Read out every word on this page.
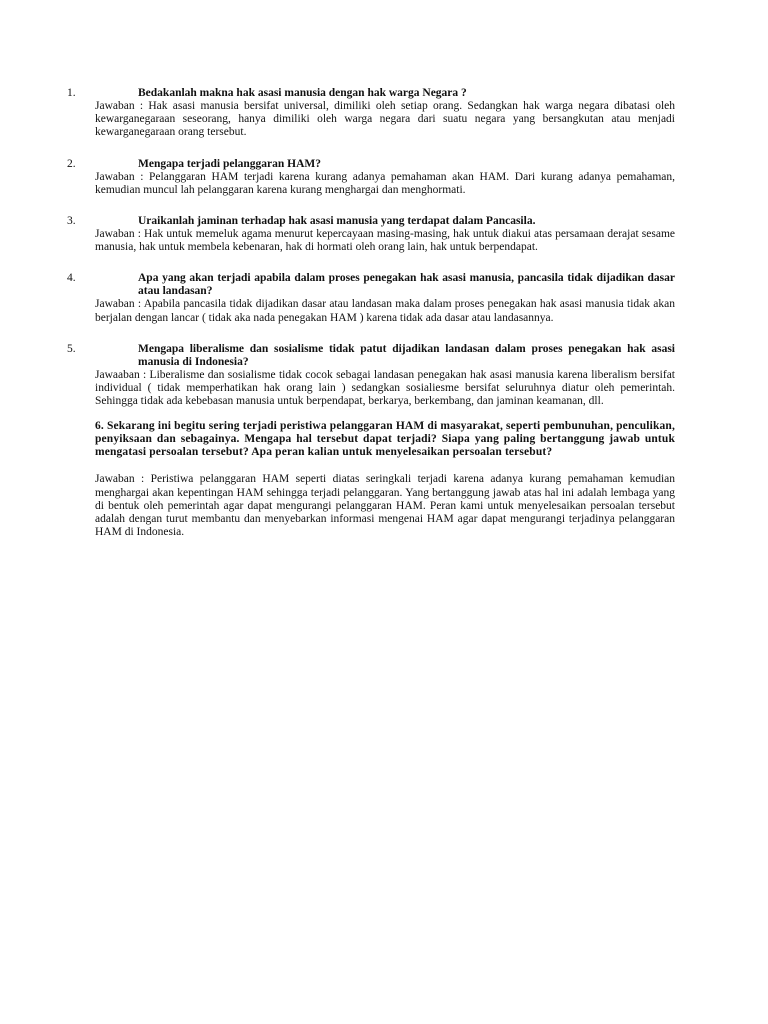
1.	Bedakanlah makna hak asasi manusia dengan hak warga Negara ?
Jawaban : Hak asasi manusia bersifat universal, dimiliki oleh setiap orang. Sedangkan hak warga negara dibatasi oleh kewarganegaraan seseorang, hanya dimiliki oleh warga negara dari suatu negara yang bersangkutan atau menjadi kewarganegaraan orang tersebut.
2.	Mengapa terjadi pelanggaran HAM?
Jawaban : Pelanggaran HAM terjadi karena kurang adanya pemahaman akan HAM. Dari kurang adanya pemahaman, kemudian muncul lah pelanggaran karena kurang menghargai dan menghormati.
3.	Uraikanlah jaminan terhadap hak asasi manusia yang terdapat dalam Pancasila.
Jawaban : Hak untuk memeluk agama menurut kepercayaan masing-masing, hak untuk diakui atas persamaan derajat sesame manusia, hak untuk membela kebenaran, hak di hormati oleh orang lain, hak untuk berpendapat.
4.	Apa yang akan terjadi apabila dalam proses penegakan hak asasi manusia, pancasila tidak dijadikan dasar atau landasan?
Jawaban : Apabila pancasila tidak dijadikan dasar atau landasan maka dalam proses penegakan hak asasi manusia tidak akan berjalan dengan lancar ( tidak aka nada penegakan HAM ) karena tidak ada dasar atau landasannya.
5.	Mengapa liberalisme dan sosialisme tidak patut dijadikan landasan dalam proses penegakan hak asasi manusia di Indonesia?
Jawaaban : Liberalisme dan sosialisme tidak cocok sebagai landasan penegakan hak asasi manusia karena liberalism bersifat individual ( tidak memperhatikan hak orang lain ) sedangkan sosialiesme bersifat seluruhnya diatur oleh pemerintah. Sehingga tidak ada kebebasan manusia untuk berpendapat, berkarya, berkembang, dan jaminan keamanan, dll.
6. Sekarang ini begitu sering terjadi peristiwa pelanggaran HAM di masyarakat, seperti pembunuhan, penculikan, penyiksaan dan sebagainya. Mengapa hal tersebut dapat terjadi? Siapa yang paling bertanggung jawab untuk mengatasi persoalan tersebut? Apa peran kalian untuk menyelesaikan persoalan tersebut?
Jawaban : Peristiwa pelanggaran HAM seperti diatas seringkali terjadi karena adanya kurang pemahaman kemudian menghargai akan kepentingan HAM sehingga terjadi pelanggaran. Yang bertanggung jawab atas hal ini adalah lembaga yang di bentuk oleh pemerintah agar dapat mengurangi pelanggaran HAM. Peran kami untuk menyelesaikan persoalan tersebut adalah dengan turut membantu dan menyebarkan informasi mengenai HAM agar dapat mengurangi terjadinya pelanggaran HAM di Indonesia.
